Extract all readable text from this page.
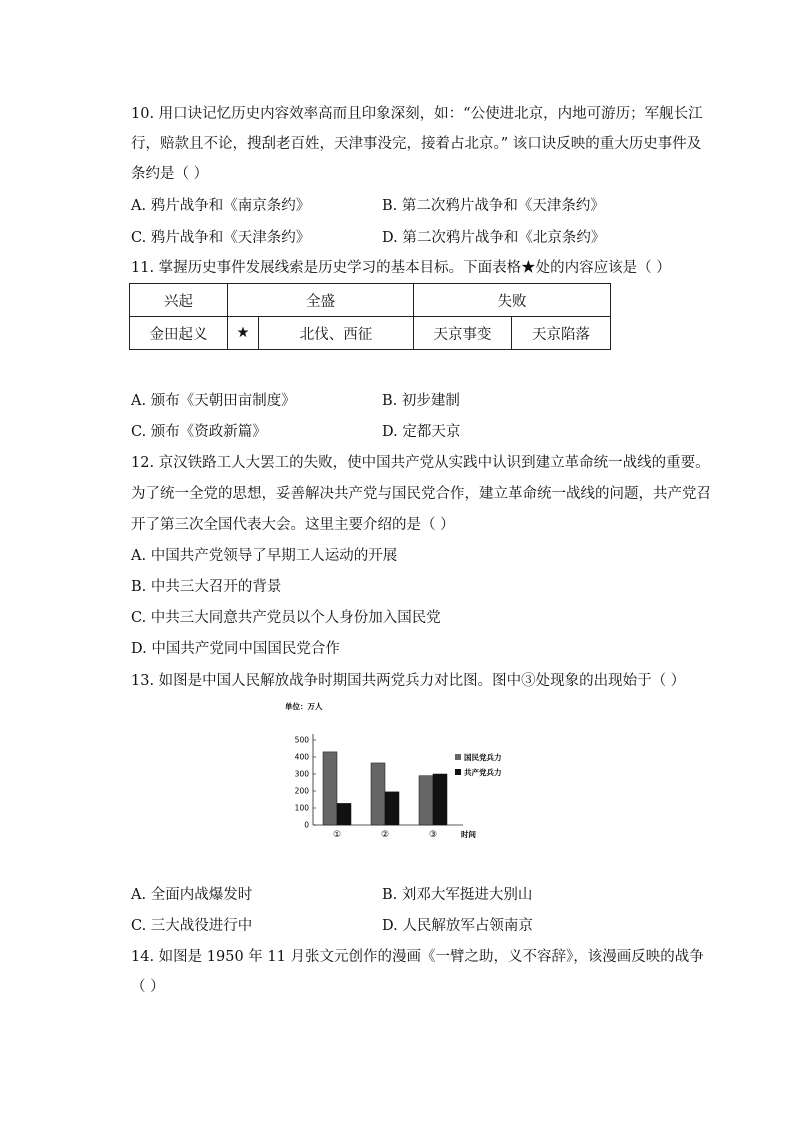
10. 用口诀记忆历史内容效率高而且印象深刻，如：“公使进北京，内地可游历；军舰长江
行，赔款且不论，搜刮老百姓，天津事没完，接着占北京。” 该口诀反映的重大历史事件及
条约是（ ）
A. 鸦片战争和《南京条约》	B. 第二次鸦片战争和《天津条约》
C. 鸦片战争和《天津条约》	D. 第二次鸦片战争和《北京条约》
11. 掌握历史事件发展线索是历史学习的基本目标。下面表格★处的内容应该是（ ）
兴起	全盛		失败	
金田起义	★	北伐、西征	天京事变	天京陷落
A. 颁布《天朝田亩制度》	B. 初步建制
C. 颁布《资政新篇》	D. 定都天京
12. 京汉铁路工人大罢工的失败，使中国共产党从实践中认识到建立革命统一战线的重要。
为了统一全党的思想，妥善解决共产党与国民党合作，建立革命统一战线的问题，共产党召
开了第三次全国代表大会。这里主要介绍的是（ ）
A. 中国共产党领导了早期工人运动的开展
B. 中共三大召开的背景
C. 中共三大同意共产党员以个人身份加入国民党
D. 中国共产党同中国国民党合作
13. 如图是中国人民解放战争时期国共两党兵力对比图。图中③处现象的出现始于（ ）
单位：万人
0
100
200
300
400
500
①	②	③	时间
国民党兵力
共产党兵力
A. 全面内战爆发时	B. 刘邓大军挺进大别山
C. 三大战役进行中	D. 人民解放军占领南京
14. 如图是 1950 年 11 月张文元创作的漫画《一臂之助，义不容辞》，该漫画反映的战争
（ ）
